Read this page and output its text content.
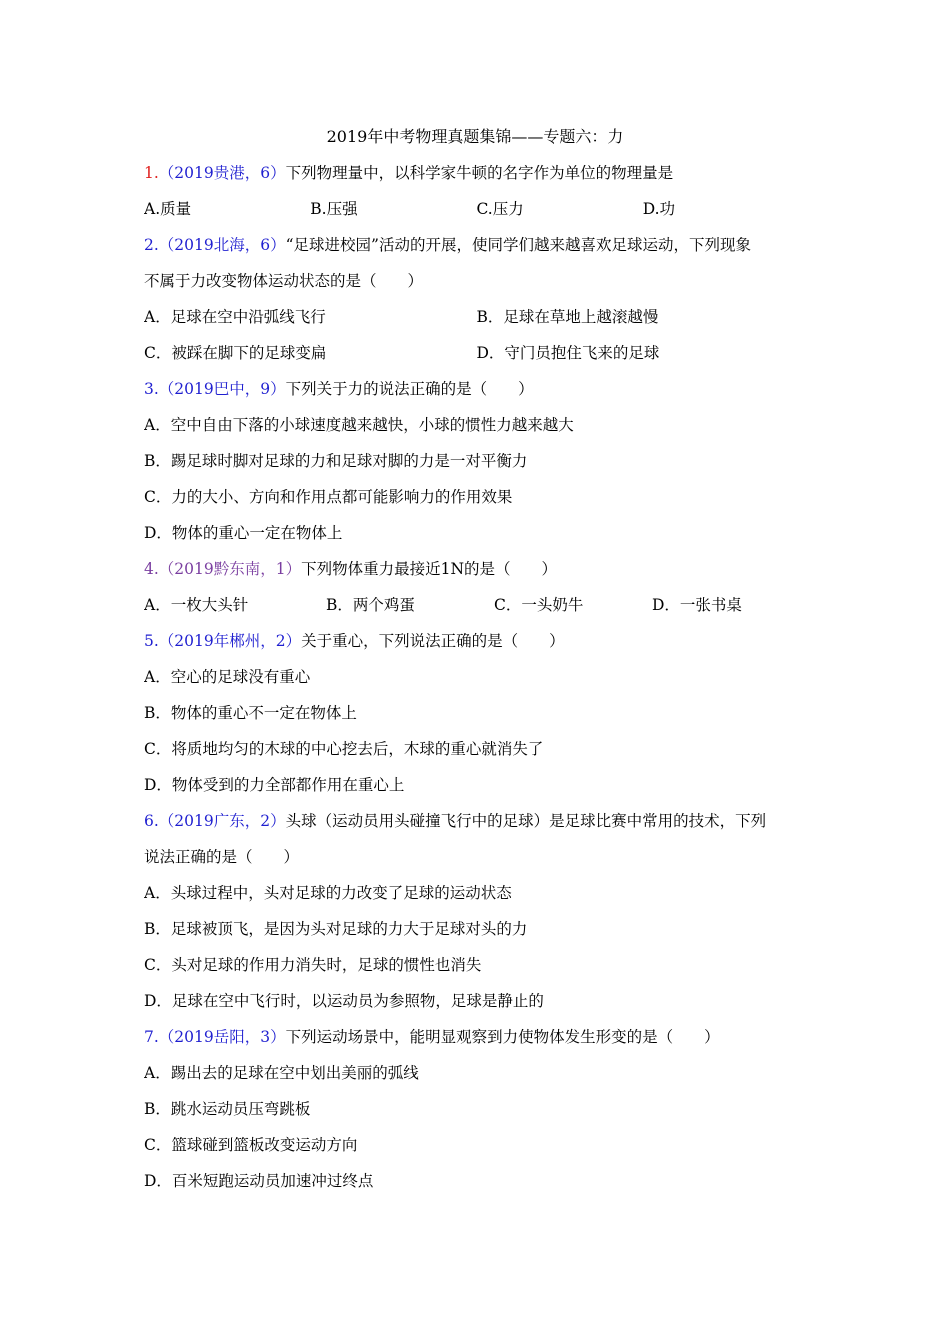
2019年中考物理真题集锦——专题六：力
1.（2019贵港，6） 下列物理量中，以科学家牛顿的名字作为单位的物理量是
A.质量	B.压强	C.压力	D.功
2.（2019北海，6） “足球进校园”活动的开展，使同学们越来越喜欢足球运动，下列现象
不属于力改变物体运动状态的是（　　）
A．足球在空中沿弧线飞行	B．足球在草地上越滚越慢
C．被踩在脚下的足球变扁	D．守门员抱住飞来的足球
3.（2019巴中，9） 下列关于力的说法正确的是（　　）
A．空中自由下落的小球速度越来越快，小球的惯性力越来越大
B．踢足球时脚对足球的力和足球对脚的力是一对平衡力
C．力的大小、方向和作用点都可能影响力的作用效果
D．物体的重心一定在物体上
4.（2019黔东南，1） 下列物体重力最接近1N的是（　　）
A．一枚大头针	B．两个鸡蛋	C．一头奶牛	D．一张书桌
5.（2019年郴州，2） 关于重心，下列说法正确的是（　　）
A．空心的足球没有重心
B．物体的重心不一定在物体上
C．将质地均匀的木球的中心挖去后，木球的重心就消失了
D．物体受到的力全部都作用在重心上
6.（2019广东，2） 头球（运动员用头碰撞飞行中的足球）是足球比赛中常用的技术，下列
说法正确的是（　　）
A．头球过程中，头对足球的力改变了足球的运动状态
B．足球被顶飞，是因为头对足球的力大于足球对头的力
C．头对足球的作用力消失时，足球的惯性也消失
D．足球在空中飞行时，以运动员为参照物，足球是静止的
7.（2019岳阳，3） 下列运动场景中，能明显观察到力使物体发生形变的是（　　）
A．踢出去的足球在空中划出美丽的弧线
B．跳水运动员压弯跳板
C．篮球碰到篮板改变运动方向
D．百米短跑运动员加速冲过终点
